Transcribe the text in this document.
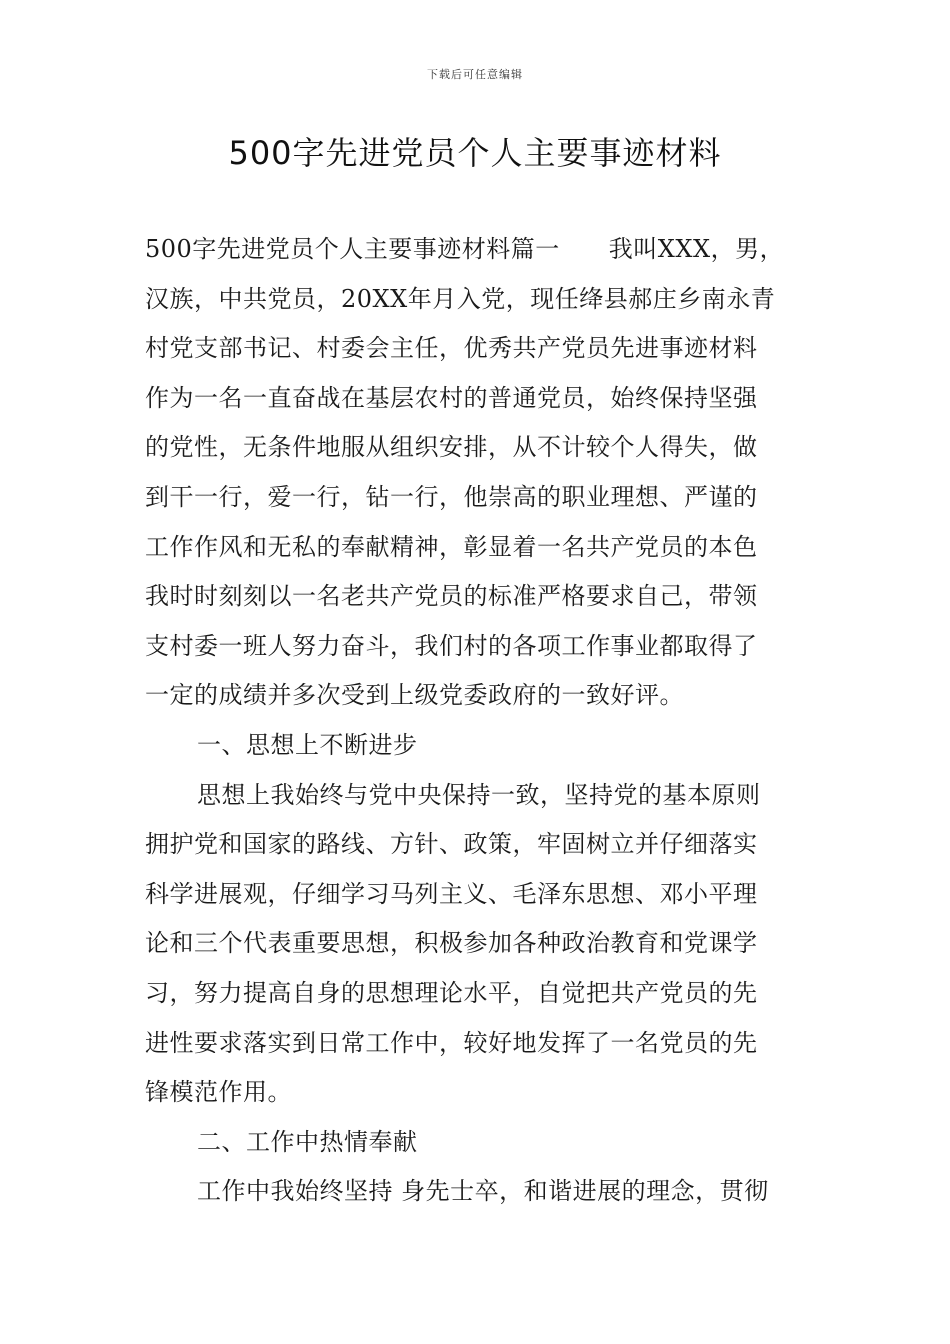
下载后可任意编辑
500字先进党员个人主要事迹材料
500字先进党员个人主要事迹材料篇一　　我叫XXX，男，
汉族，中共党员，20XX年月入党，现任绛县郝庄乡南永青
村党支部书记、村委会主任，优秀共产党员先进事迹材料
作为一名一直奋战在基层农村的普通党员，始终保持坚强
的党性，无条件地服从组织安排，从不计较个人得失，做
到干一行，爱一行，钻一行，他崇高的职业理想、严谨的
工作作风和无私的奉献精神，彰显着一名共产党员的本色
我时时刻刻以一名老共产党员的标准严格要求自己，带领
支村委一班人努力奋斗，我们村的各项工作事业都取得了
一定的成绩并多次受到上级党委政府的一致好评。
一、思想上不断进步
思想上我始终与党中央保持一致，坚持党的基本原则
拥护党和国家的路线、方针、政策，牢固树立并仔细落实
科学进展观，仔细学习马列主义、毛泽东思想、邓小平理
论和三个代表重要思想，积极参加各种政治教育和党课学
习，努力提高自身的思想理论水平，自觉把共产党员的先
进性要求落实到日常工作中，较好地发挥了一名党员的先
锋模范作用。
二、工作中热情奉献
工作中我始终坚持 身先士卒，和谐进展的理念，贯彻
